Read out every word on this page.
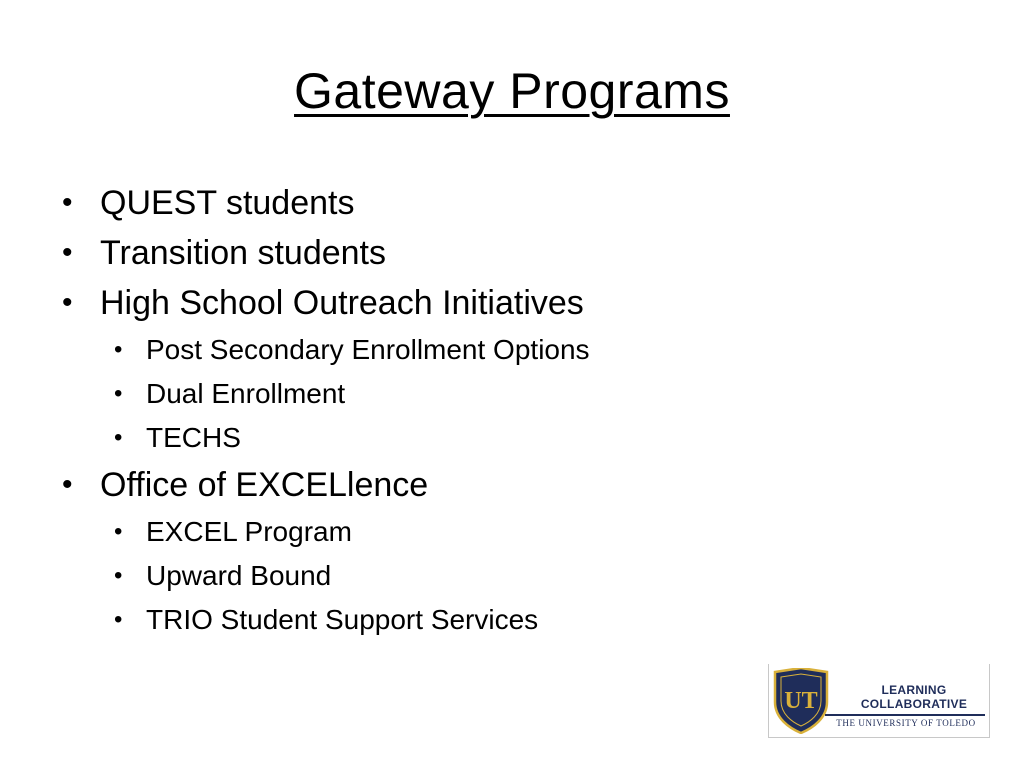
Gateway Programs
• QUEST students
• Transition students
• High School Outreach Initiatives
• Post Secondary Enrollment Options
• Dual Enrollment
• TECHS
• Office of EXCELlence
• EXCEL Program
• Upward Bound
• TRIO Student Support Services
UT	LEARNING
COLLABORATIVE
THE UNIVERSITY OF TOLEDO
